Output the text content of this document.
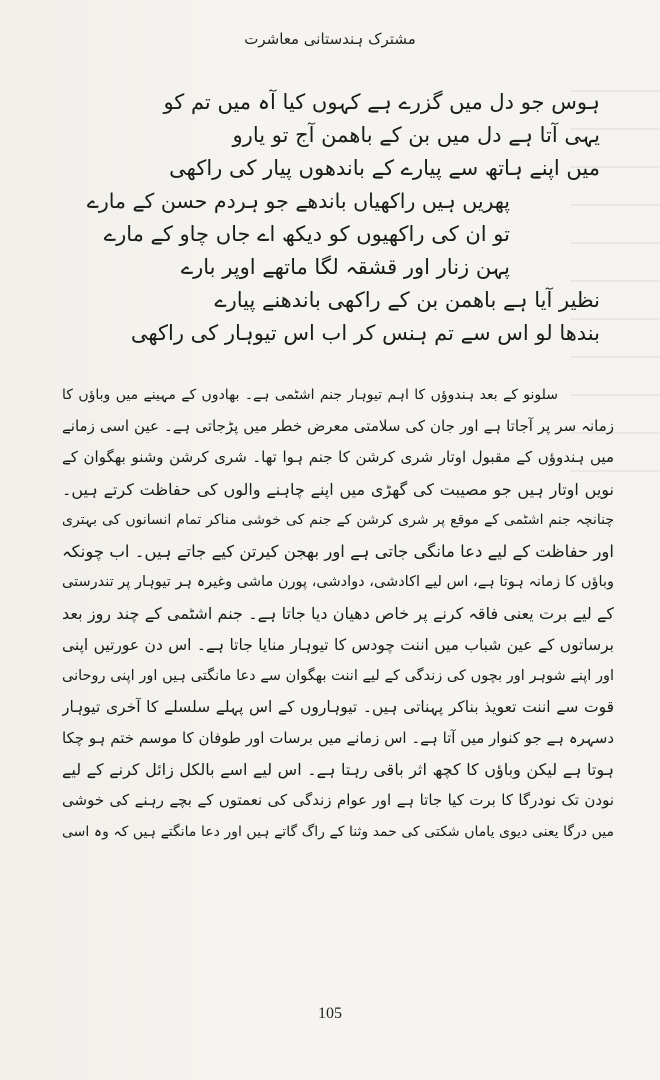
مشترک ہندستانی معاشرت
ہوس جو دل میں گزرے ہے کہوں کیا آہ میں تم کو
یہی آتا ہے دل میں بن کے باھمن آج تو یارو
میں اپنے ہاتھ سے پیارے کے باندھوں پیار کی راکھی
پھریں ہیں راکھیاں باندھے جو ہردم حسن کے مارے
تو ان کی راکھیوں کو دیکھ اے جاں چاو کے مارے
پہن زنار اور قشقہ لگا ماتھے اوپر بارے
نظیر آیا ہے باھمن بن کے راکھی باندھنے پیارے
بندھا لو اس سے تم ہنس کر اب اس تیوہار کی راکھی
سلونو کے بعد ہندوؤں کا اہم تیوہار جنم اشٹمی ہے۔ بھادوں کے مہینے میں وباؤں کا
زمانہ سر پر آجاتا ہے اور جان کی سلامتی معرض خطر میں پڑجاتی ہے۔ عین اسی زمانے
میں ہندوؤں کے مقبول اوتار شری کرشن کا جنم ہوا تھا۔ شری کرشن وشنو بھگوان کے
نویں اوتار ہیں جو مصیبت کی گھڑی میں اپنے چاہنے والوں کی حفاظت کرتے ہیں۔
چنانچہ جنم اشٹمی کے موقع پر شری کرشن کے جنم کی خوشی مناکر تمام انسانوں کی بہتری
اور حفاظت کے لیے دعا مانگی جاتی ہے اور بھجن کیرتن کیے جاتے ہیں۔ اب چونکہ
وباؤں کا زمانہ ہوتا ہے، اس لیے اکادشی، دوادشی، پورن ماشی وغیرہ ہر تیوہار پر تندرستی
کے لیے برت یعنی فاقہ کرنے پر خاص دھیان دیا جاتا ہے۔ جنم اشٹمی کے چند روز بعد
برساتوں کے عین شباب میں اننت چودس کا تیوہار منایا جاتا ہے۔ اس دن عورتیں اپنی
اور اپنے شوہر اور بچوں کی زندگی کے لیے اننت بھگوان سے دعا مانگتی ہیں اور اپنی روحانی
قوت سے اننت تعویذ بناکر پہناتی ہیں۔ تیوہاروں کے اس پہلے سلسلے کا آخری تیوہار
دسہرہ ہے جو کنوار میں آتا ہے۔ اس زمانے میں برسات اور طوفان کا موسم ختم ہو چکا
ہوتا ہے لیکن وباؤں کا کچھ اثر باقی رہتا ہے۔ اس لیے اسے بالکل زائل کرنے کے لیے
نودن تک نودرگا کا برت کیا جاتا ہے اور عوام زندگی کی نعمتوں کے بچے رہنے کی خوشی
میں درگا یعنی دیوی یاماں شکتی کی حمد وثنا کے راگ گاتے ہیں اور دعا مانگتے ہیں کہ وہ اسی
105
